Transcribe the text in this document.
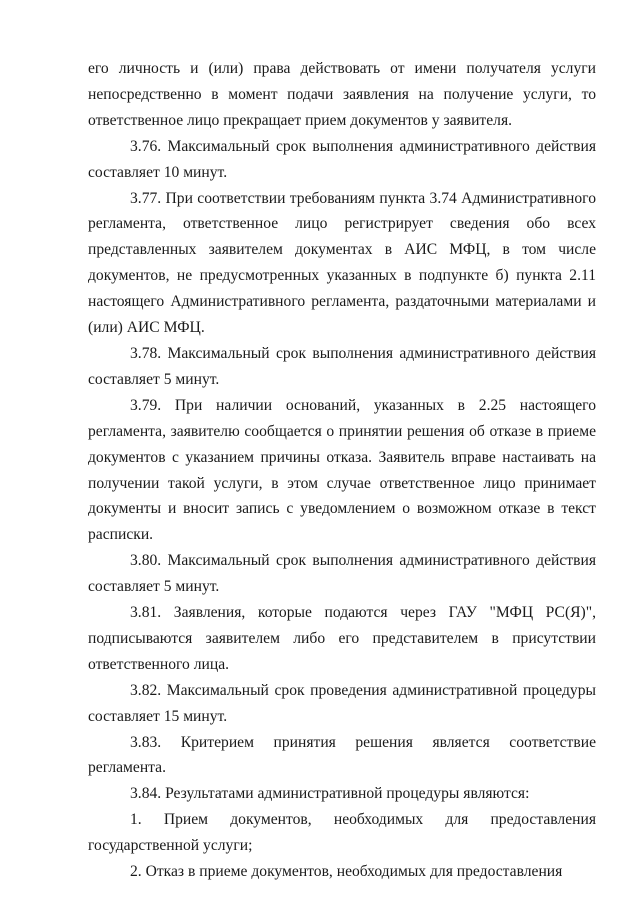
его личность и (или) права действовать от имени получателя услуги непосредственно в момент подачи заявления на получение услуги, то ответственное лицо прекращает прием документов у заявителя.

3.76. Максимальный срок выполнения административного действия составляет 10 минут.

3.77. При соответствии требованиям пункта 3.74 Административного регламента, ответственное лицо регистрирует сведения обо всех представленных заявителем документах в АИС МФЦ, в том числе документов, не предусмотренных указанных в подпункте б) пункта 2.11 настоящего Административного регламента, раздаточными материалами и (или) АИС МФЦ.

3.78. Максимальный срок выполнения административного действия составляет 5 минут.

3.79. При наличии оснований, указанных в 2.25 настоящего регламента, заявителю сообщается о принятии решения об отказе в приеме документов с указанием причины отказа. Заявитель вправе настаивать на получении такой услуги, в этом случае ответственное лицо принимает документы и вносит запись с уведомлением о возможном отказе в текст расписки.

3.80. Максимальный срок выполнения административного действия составляет 5 минут.

3.81. Заявления, которые подаются через ГАУ "МФЦ РС(Я)", подписываются заявителем либо его представителем в присутствии ответственного лица.

3.82. Максимальный срок проведения административной процедуры составляет 15 минут.

3.83. Критерием принятия решения является соответствие регламента.

3.84. Результатами административной процедуры являются:

1. Прием документов, необходимых для предоставления государственной услуги;

2. Отказ в приеме документов, необходимых для предоставления
